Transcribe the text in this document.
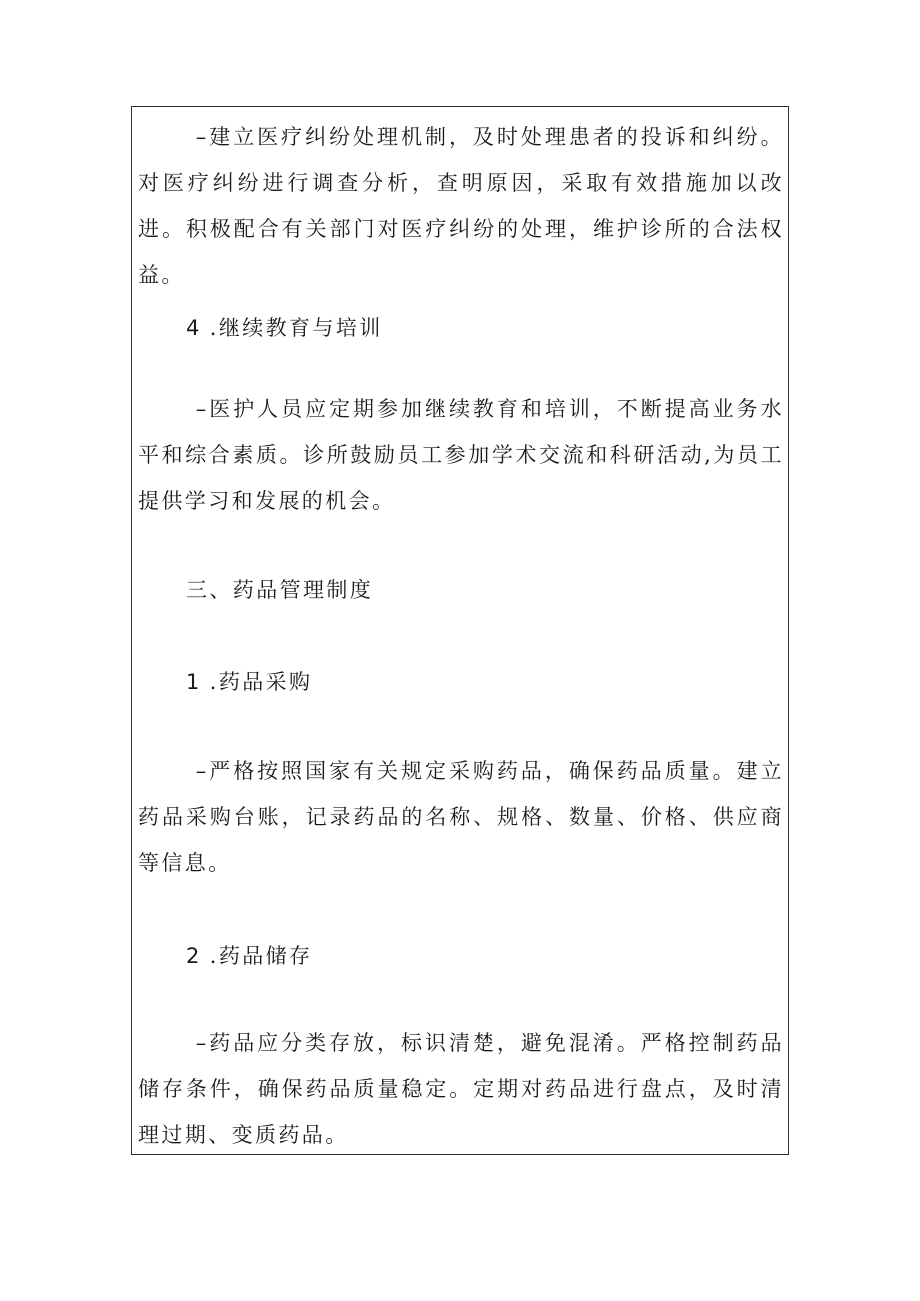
–建立医疗纠纷处理机制，及时处理患者的投诉和纠纷。对医疗纠纷进行调查分析，查明原因，采取有效措施加以改进。积极配合有关部门对医疗纠纷的处理，维护诊所的合法权益。

4 .继续教育与培训

–医护人员应定期参加继续教育和培训，不断提高业务水平和综合素质。诊所鼓励员工参加学术交流和科研活动,为员工提供学习和发展的机会。

三、药品管理制度

1 .药品采购

–严格按照国家有关规定采购药品，确保药品质量。建立药品采购台账，记录药品的名称、规格、数量、价格、供应商等信息。

2 .药品储存

–药品应分类存放，标识清楚，避免混淆。严格控制药品储存条件，确保药品质量稳定。定期对药品进行盘点，及时清理过期、变质药品。
